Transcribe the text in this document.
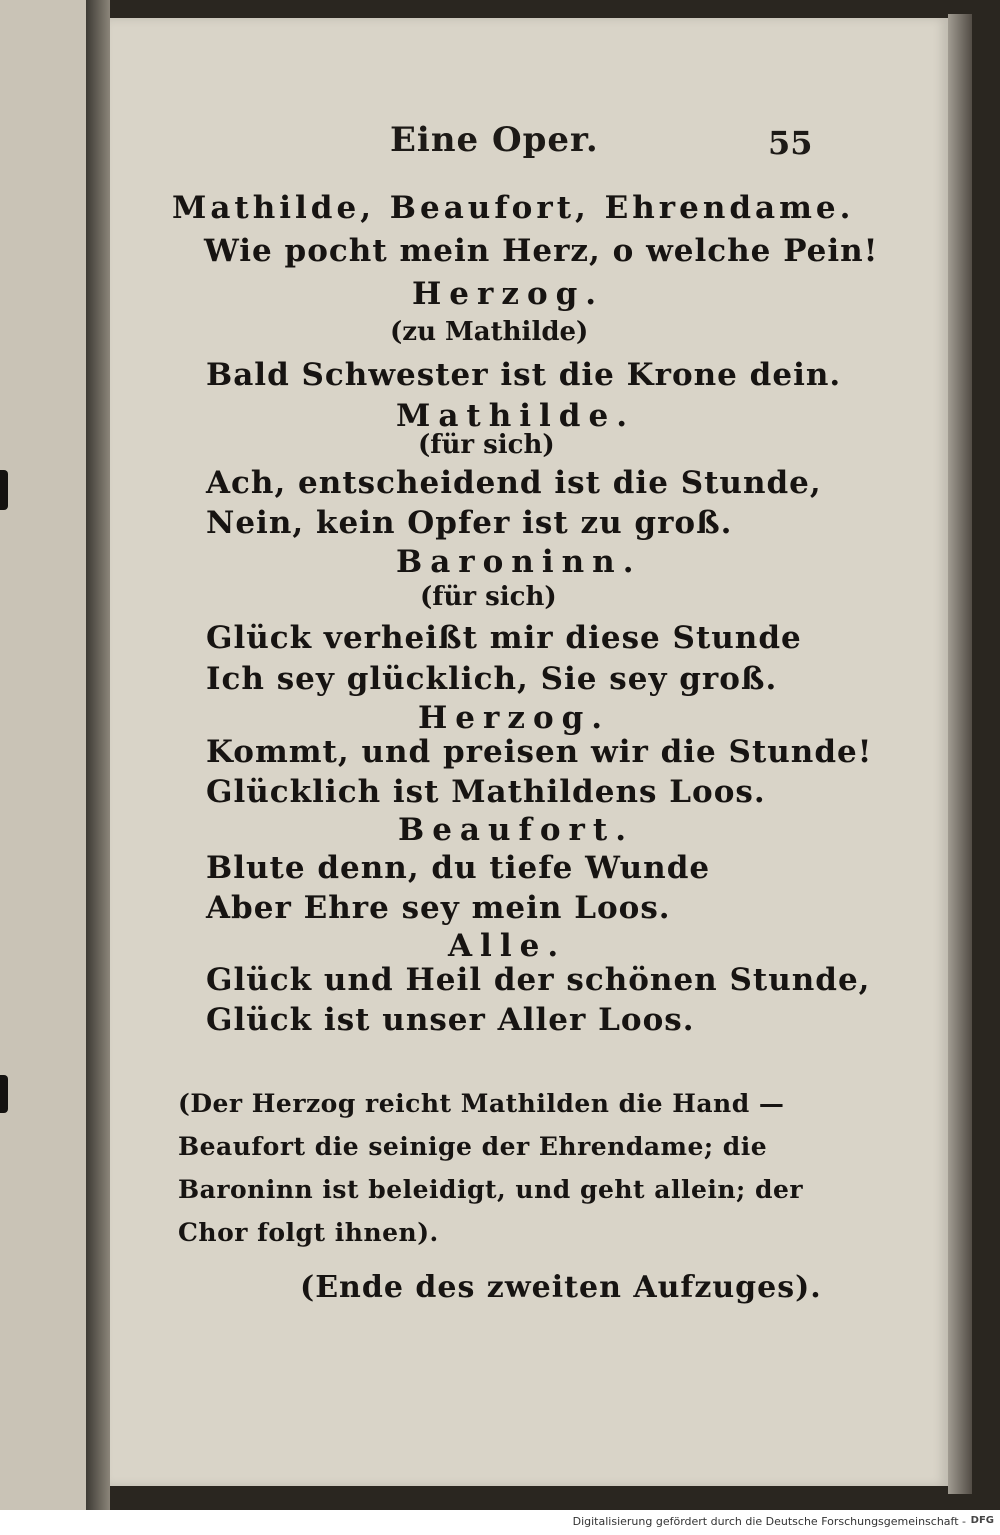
Eine Oper.	55
Mathilde, Beaufort, Ehrendame.
Wie pocht mein Herz, o welche Pein!
Herzog.
(zu Mathilde)
Bald Schwester ist die Krone dein.
Mathilde.
(für sich)
Ach, entscheidend ist die Stunde,
Nein, kein Opfer ist zu groß.
Baroninn.
(für sich)
Glück verheißt mir diese Stunde
Ich sey glücklich, Sie sey groß.
Herzog.
Kommt, und preisen wir die Stunde!
Glücklich ist Mathildens Loos.
Beaufort.
Blute denn, du tiefe Wunde
Aber Ehre sey mein Loos.
Alle.
Glück und Heil der schönen Stunde,
Glück ist unser Aller Loos.
(Der Herzog reicht Mathilden die Hand — Beaufort die seinige der Ehrendame; die Baroninn ist beleidigt, und geht allein; der Chor folgt ihnen).
(Ende des zweiten Aufzuges).
Digitalisierung gefördert durch die Deutsche Forschungsgemeinschaft - DFG
